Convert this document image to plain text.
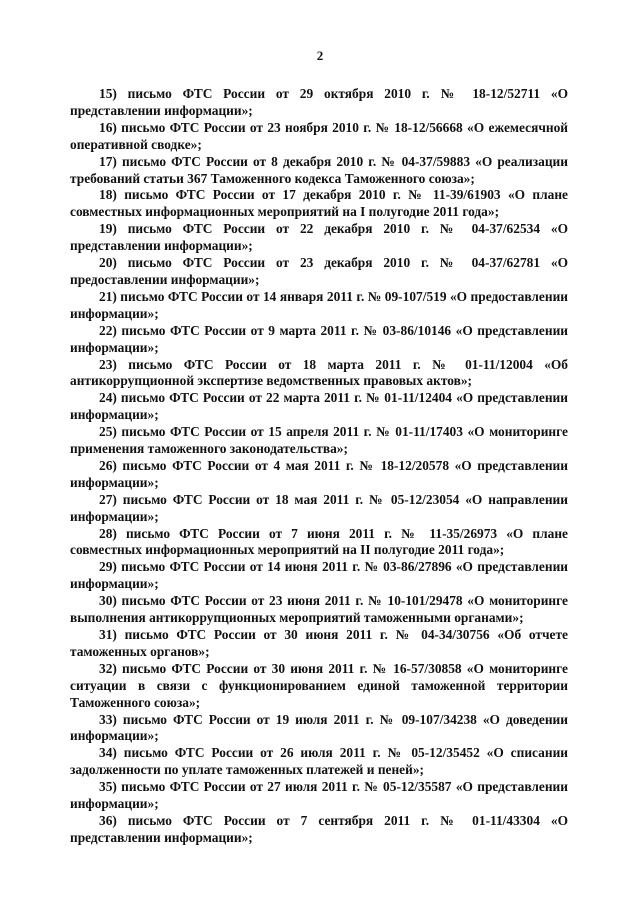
2

15) письмо ФТС России от 29 октября 2010 г. № 18-12/52711 «О представлении информации»;

16) письмо ФТС России от 23 ноября 2010 г. № 18-12/56668 «О ежемесячной оперативной сводке»;

17) письмо ФТС России от 8 декабря 2010 г. № 04-37/59883 «О реализации требований статьи 367 Таможенного кодекса Таможенного союза»;

18) письмо ФТС России от 17 декабря 2010 г. № 11-39/61903 «О плане совместных информационных мероприятий на I полугодие 2011 года»;

19) письмо ФТС России от 22 декабря 2010 г. № 04-37/62534 «О представлении информации»;

20) письмо ФТС России от 23 декабря 2010 г. № 04-37/62781 «О предоставлении информации»;

21) письмо ФТС России от 14 января 2011 г. № 09-107/519 «О предоставлении информации»;

22) письмо ФТС России от 9 марта 2011 г. № 03-86/10146 «О представлении информации»;

23) письмо ФТС России от 18 марта 2011 г. № 01-11/12004 «Об антикоррупционной экспертизе ведомственных правовых актов»;

24) письмо ФТС России от 22 марта 2011 г. № 01-11/12404 «О представлении информации»;

25) письмо ФТС России от 15 апреля 2011 г. № 01-11/17403 «О мониторинге применения таможенного законодательства»;

26) письмо ФТС России от 4 мая 2011 г. № 18-12/20578 «О представлении информации»;

27) письмо ФТС России от 18 мая 2011 г. № 05-12/23054 «О направлении информации»;

28) письмо ФТС России от 7 июня 2011 г. № 11-35/26973 «О плане совместных информационных мероприятий на II полугодие 2011 года»;

29) письмо ФТС России от 14 июня 2011 г. № 03-86/27896 «О представлении информации»;

30) письмо ФТС России от 23 июня 2011 г. № 10-101/29478 «О мониторинге выполнения антикоррупционных мероприятий таможенными органами»;

31) письмо ФТС России от 30 июня 2011 г. № 04-34/30756 «Об отчете таможенных органов»;

32) письмо ФТС России от 30 июня 2011 г. № 16-57/30858 «О мониторинге ситуации в связи с функционированием единой таможенной территории Таможенного союза»;

33) письмо ФТС России от 19 июля 2011 г. № 09-107/34238 «О доведении информации»;

34) письмо ФТС России от 26 июля 2011 г. № 05-12/35452 «О списании задолженности по уплате таможенных платежей и пеней»;

35) письмо ФТС России от 27 июля 2011 г. № 05-12/35587 «О представлении информации»;

36) письмо ФТС России от 7 сентября 2011 г. № 01-11/43304 «О представлении информации»;
